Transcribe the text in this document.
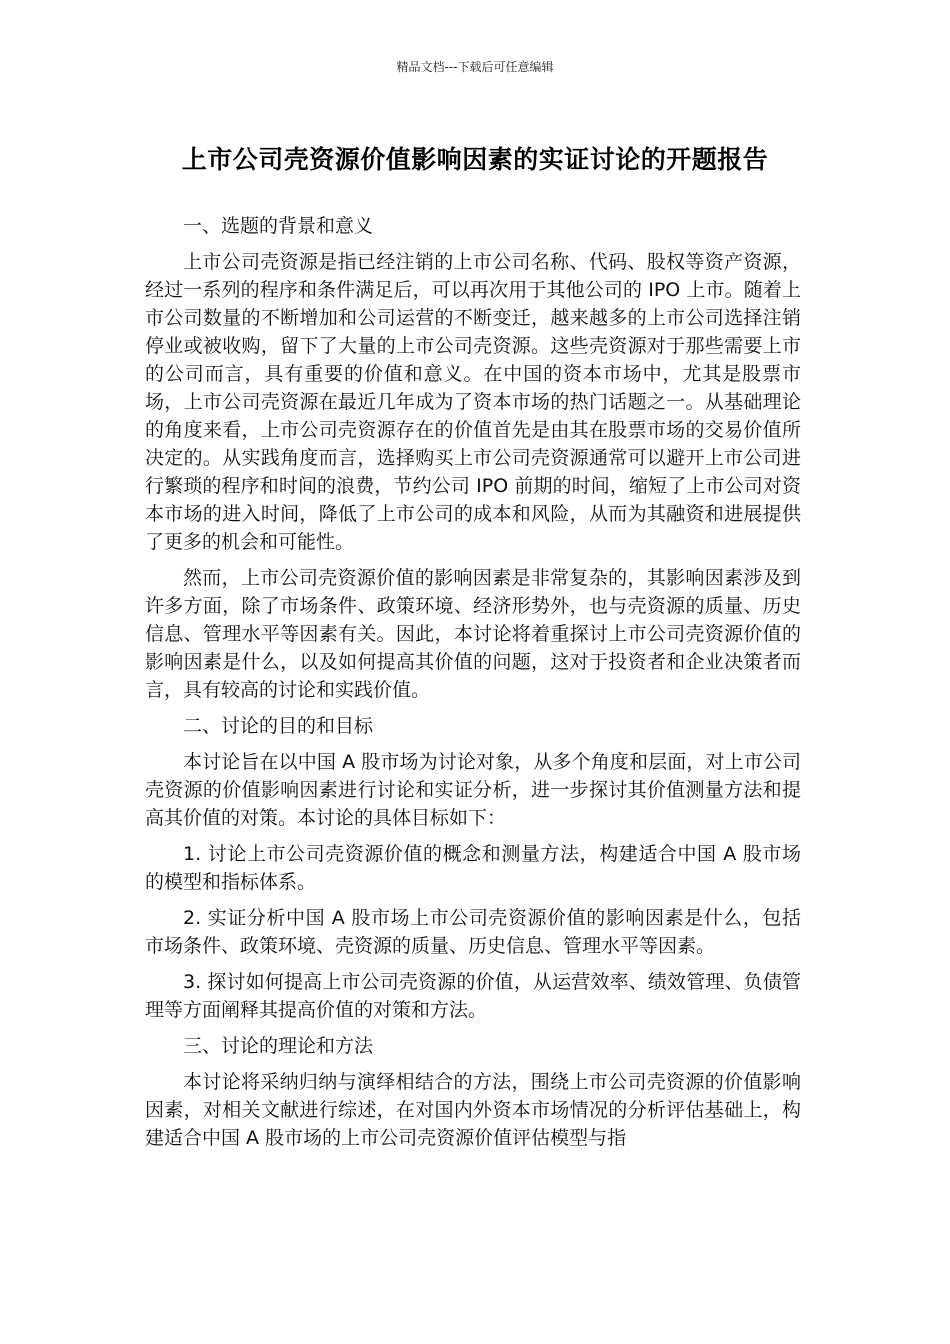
精品文档---下载后可任意编辑
上市公司壳资源价值影响因素的实证讨论的开题报告

一、选题的背景和意义

上市公司壳资源是指已经注销的上市公司名称、代码、股权等资产资源，经过一系列的程序和条件满足后，可以再次用于其他公司的 IPO 上市。随着上市公司数量的不断增加和公司运营的不断变迁，越来越多的上市公司选择注销停业或被收购，留下了大量的上市公司壳资源。这些壳资源对于那些需要上市的公司而言，具有重要的价值和意义。在中国的资本市场中，尤其是股票市场，上市公司壳资源在最近几年成为了资本市场的热门话题之一。从基础理论的角度来看，上市公司壳资源存在的价值首先是由其在股票市场的交易价值所决定的。从实践角度而言，选择购买上市公司壳资源通常可以避开上市公司进行繁琐的程序和时间的浪费，节约公司 IPO 前期的时间，缩短了上市公司对资本市场的进入时间，降低了上市公司的成本和风险，从而为其融资和进展提供了更多的机会和可能性。

然而，上市公司壳资源价值的影响因素是非常复杂的，其影响因素涉及到许多方面，除了市场条件、政策环境、经济形势外，也与壳资源的质量、历史信息、管理水平等因素有关。因此，本讨论将着重探讨上市公司壳资源价值的影响因素是什么，以及如何提高其价值的问题，这对于投资者和企业决策者而言，具有较高的讨论和实践价值。

二、讨论的目的和目标

本讨论旨在以中国 A 股市场为讨论对象，从多个角度和层面，对上市公司壳资源的价值影响因素进行讨论和实证分析，进一步探讨其价值测量方法和提高其价值的对策。本讨论的具体目标如下：

1. 讨论上市公司壳资源价值的概念和测量方法，构建适合中国 A 股市场的模型和指标体系。

2. 实证分析中国 A 股市场上市公司壳资源价值的影响因素是什么，包括市场条件、政策环境、壳资源的质量、历史信息、管理水平等因素。

3. 探讨如何提高上市公司壳资源的价值，从运营效率、绩效管理、负债管理等方面阐释其提高价值的对策和方法。

三、讨论的理论和方法

本讨论将采纳归纳与演绎相结合的方法，围绕上市公司壳资源的价值影响因素，对相关文献进行综述，在对国内外资本市场情况的分析评估基础上，构建适合中国 A 股市场的上市公司壳资源价值评估模型与指
